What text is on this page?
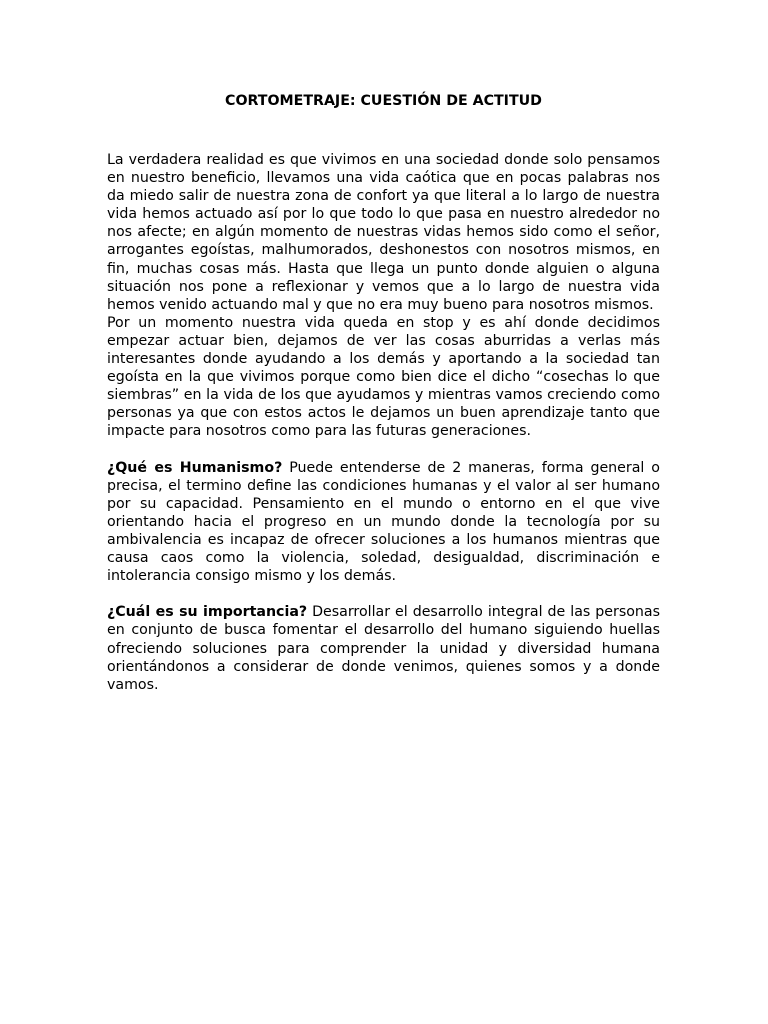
CORTOMETRAJE: CUESTIÓN DE ACTITUD

La verdadera realidad es que vivimos en una sociedad donde solo pensamos en nuestro beneficio, llevamos una vida caótica que en pocas palabras nos da miedo salir de nuestra zona de confort ya que literal a lo largo de nuestra vida hemos actuado así por lo que todo lo que pasa en nuestro alrededor no nos afecte; en algún momento de nuestras vidas hemos sido como el señor, arrogantes egoístas, malhumorados, deshonestos con nosotros mismos, en fin, muchas cosas más. Hasta que llega un punto donde alguien o alguna situación nos pone a reflexionar y vemos que a lo largo de nuestra vida hemos venido actuando mal y que no era muy bueno para nosotros mismos.

Por un momento nuestra vida queda en stop y es ahí donde decidimos empezar actuar bien, dejamos de ver las cosas aburridas a verlas más interesantes donde ayudando a los demás y aportando a la sociedad tan egoísta en la que vivimos porque como bien dice el dicho “cosechas lo que siembras” en la vida de los que ayudamos y mientras vamos creciendo como personas ya que con estos actos le dejamos un buen aprendizaje tanto que impacte para nosotros como para las futuras generaciones.

¿Qué es Humanismo? Puede entenderse de 2 maneras, forma general o precisa, el termino define las condiciones humanas y el valor al ser humano por su capacidad. Pensamiento en el mundo o entorno en el que vive orientando hacia el progreso en un mundo donde la tecnología por su ambivalencia es incapaz de ofrecer soluciones a los humanos mientras que causa caos como la violencia, soledad, desigualdad, discriminación e intolerancia consigo mismo y los demás.

¿Cuál es su importancia? Desarrollar el desarrollo integral de las personas en conjunto de busca fomentar el desarrollo del humano siguiendo huellas ofreciendo soluciones para comprender la unidad y diversidad humana orientándonos a considerar de donde venimos, quienes somos y a donde vamos.
